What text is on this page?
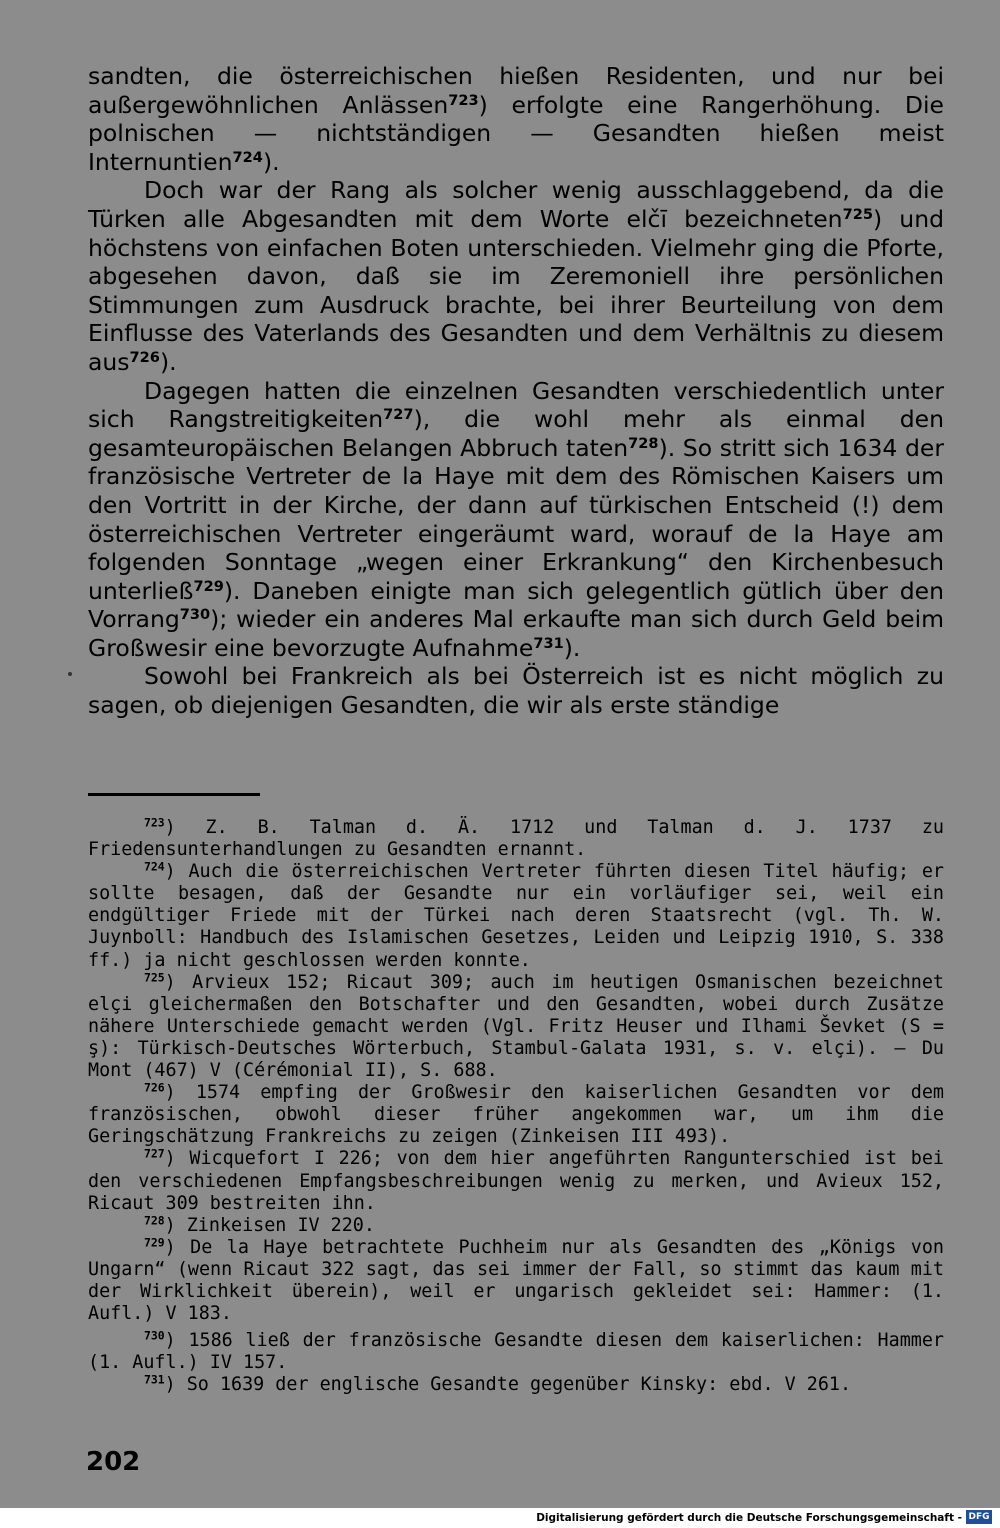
sandten, die österreichischen hießen Residenten, und nur bei außergewöhnlichen Anlässen$^{723}$) erfolgte eine Rangerhöhung. Die polnischen — nichtständigen — Gesandten hießen meist Internuntien$^{724}$).

Doch war der Rang als solcher wenig ausschlaggebend, da die Türken alle Abgesandten mit dem Worte elčī bezeichneten$^{725}$) und höchstens von einfachen Boten unterschieden. Vielmehr ging die Pforte, abgesehen davon, daß sie im Zeremoniell ihre persönlichen Stimmungen zum Ausdruck brachte, bei ihrer Beurteilung von dem Einflusse des Vaterlands des Gesandten und dem Verhältnis zu diesem aus$^{726}$).

Dagegen hatten die einzelnen Gesandten verschiedentlich unter sich Rangstreitigkeiten$^{727}$), die wohl mehr als einmal den gesamteuropäischen Belangen Abbruch taten$^{728}$). So stritt sich 1634 der französische Vertreter de la Haye mit dem des Römischen Kaisers um den Vortritt in der Kirche, der dann auf türkischen Entscheid (!) dem österreichischen Vertreter eingeräumt ward, worauf de la Haye am folgenden Sonntage „wegen einer Erkrankung“ den Kirchenbesuch unterließ$^{729}$). Daneben einigte man sich gelegentlich gütlich über den Vorrang$^{730}$); wieder ein anderes Mal erkaufte man sich durch Geld beim Großwesir eine bevorzugte Aufnahme$^{731}$).

Sowohl bei Frankreich als bei Österreich ist es nicht möglich zu sagen, ob diejenigen Gesandten, die wir als erste ständige

$^{723}$) Z. B. Talman d. Ä. 1712 und Talman d. J. 1737 zu Friedensunterhandlungen zu Gesandten ernannt.

$^{724}$) Auch die österreichischen Vertreter führten diesen Titel häufig; er sollte besagen, daß der Gesandte nur ein vorläufiger sei, weil ein endgültiger Friede mit der Türkei nach deren Staatsrecht (vgl. Th. W. Juynboll: Handbuch des Islamischen Gesetzes, Leiden und Leipzig 1910, S. 338 ff.) ja nicht geschlossen werden konnte.

$^{725}$) Arvieux 152; Ricaut 309; auch im heutigen Osmanischen bezeichnet elçi gleichermaßen den Botschafter und den Gesandten, wobei durch Zusätze nähere Unterschiede gemacht werden (Vgl. Fritz Heuser und Ilhami Ševket (S = ş): Türkisch-Deutsches Wörterbuch, Stambul-Galata 1931, s. v. elçi). — Du Mont (467) V (Cérémonial II), S. 688.

$^{726}$) 1574 empfing der Großwesir den kaiserlichen Gesandten vor dem französischen, obwohl dieser früher angekommen war, um ihm die Geringschätzung Frankreichs zu zeigen (Zinkeisen III 493).

$^{727}$) Wicquefort I 226; von dem hier angeführten Rangunterschied ist bei den verschiedenen Empfangsbeschreibungen wenig zu merken, und Avieux 152, Ricaut 309 bestreiten ihn.

$^{728}$) Zinkeisen IV 220.

$^{729}$) De la Haye betrachtete Puchheim nur als Gesandten des „Königs von Ungarn“ (wenn Ricaut 322 sagt, das sei immer der Fall, so stimmt das kaum mit der Wirklichkeit überein), weil er ungarisch gekleidet sei: Hammer: (1. Aufl.) V 183.

$^{730}$) 1586 ließ der französische Gesandte diesen dem kaiserlichen: Hammer (1. Aufl.) IV 157.

$^{731}$) So 1639 der englische Gesandte gegenüber Kinsky: ebd. V 261.

202
Digitalisierung gefördert durch die Deutsche Forschungsgemeinschaft - DFG
